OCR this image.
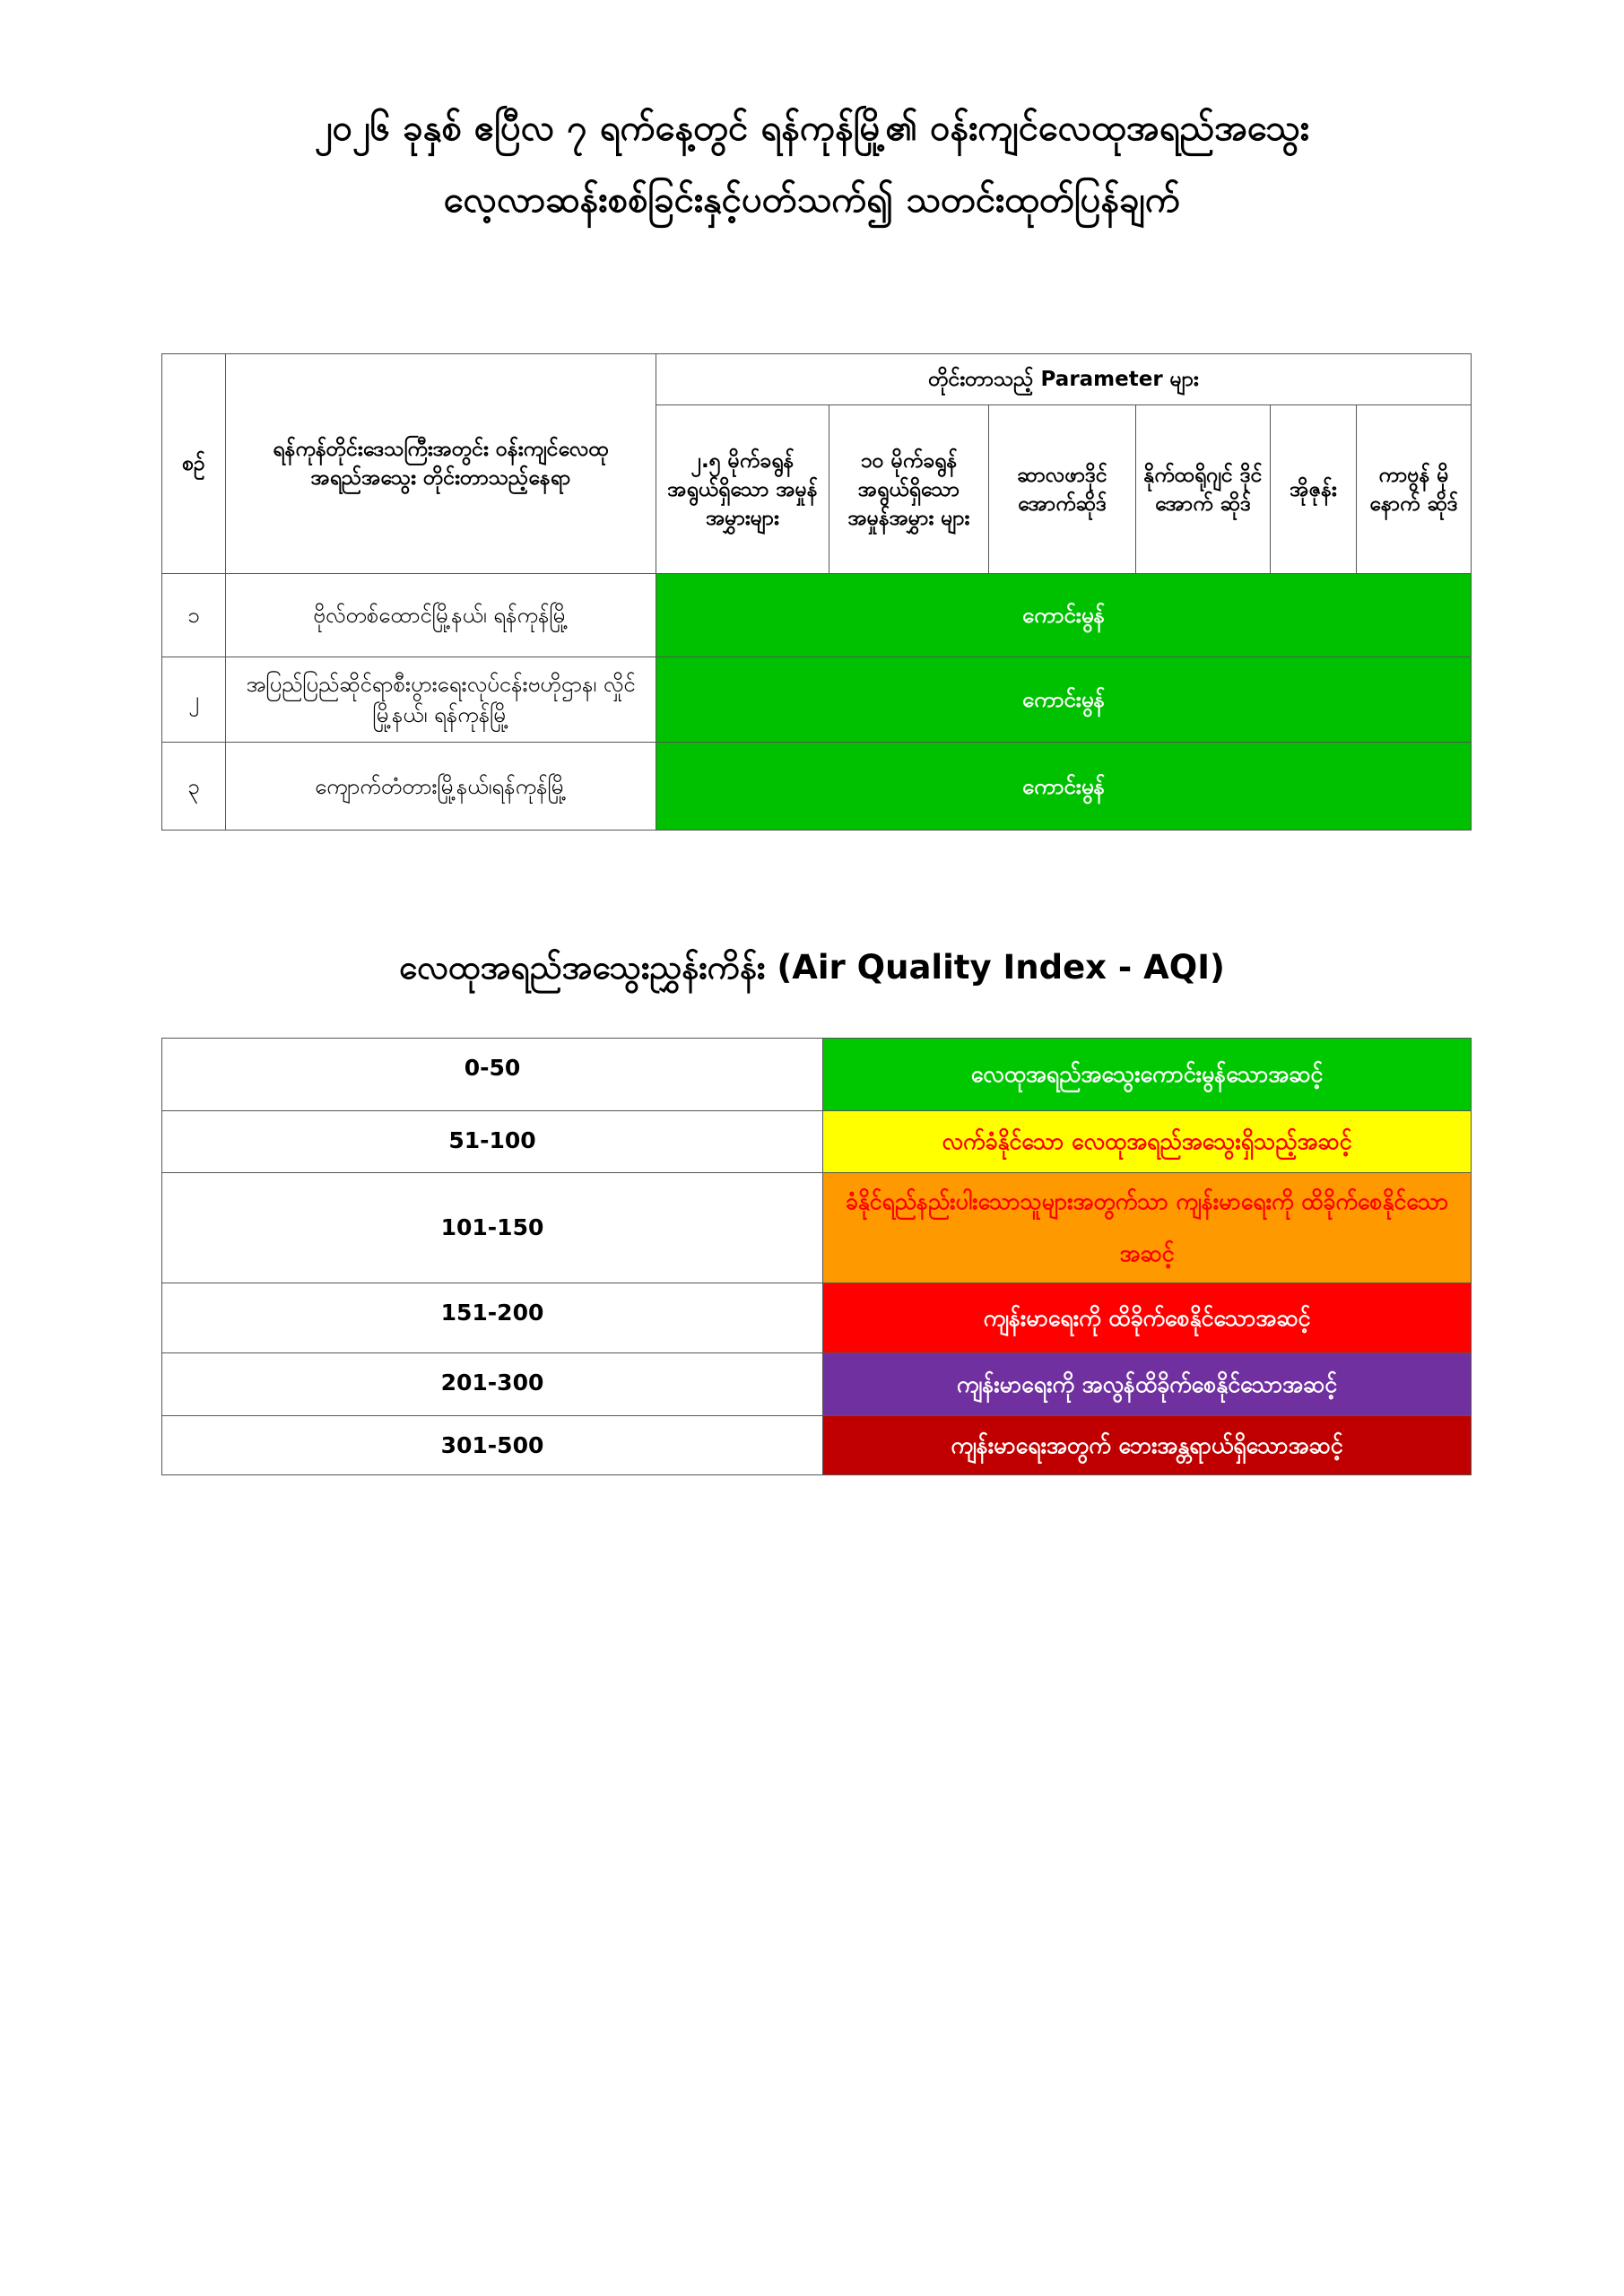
၂၀၂၆ ခုနှစ် ဧပြီလ ၇ ရက်နေ့တွင် ရန်ကုန်မြို့၏ ဝန်းကျင်လေထုအရည်အသွေး
လေ့လာဆန်းစစ်ခြင်းနှင့်ပတ်သက်၍ သတင်းထုတ်ပြန်ချက်
စဥ်	ရန်ကုန်တိုင်းဒေသကြီးအတွင်း ဝန်းကျင်လေထု အရည်အသွေး တိုင်းတာသည့်နေရာ	တိုင်းတာသည့် Parameter များ					
		၂.၅ မိုက်ခရွန် အရွယ်ရှိသော အမှုန်အမွှားများ	၁၀ မိုက်ခရွန် အရွယ်ရှိသော အမှုန်အမွှား များ	ဆာလဖာဒိုင် အောက်ဆိုဒ်	နိုက်ထရိုဂျင် ဒိုင်အောက် ဆိုဒ်	အိုဇုန်း	ကာဗွန် မိုနောက် ဆိုဒ်
၁	ဗိုလ်တစ်ထောင်မြို့နယ်၊ ရန်ကုန်မြို့	ကောင်းမွန်					
၂	အပြည်ပြည်ဆိုင်ရာစီးပွားရေးလုပ်ငန်းဗဟိုဌာန၊ လှိုင်မြို့နယ်၊ ရန်ကုန်မြို့	ကောင်းမွန်					
၃	ကျောက်တံတားမြို့နယ်၊ရန်ကုန်မြို့	ကောင်းမွန်					
လေထုအရည်အသွေးညွှန်းကိန်း (Air Quality Index - AQI)
0-50	လေထုအရည်အသွေးကောင်းမွန်သောအဆင့်
51-100	လက်ခံနိုင်သော လေထုအရည်အသွေးရှိသည့်အဆင့်
101-150	ခံနိုင်ရည်နည်းပါးသောသူများအတွက်သာ ကျန်းမာရေးကို ထိခိုက်စေနိုင်သောအဆင့်
151-200	ကျန်းမာရေးကို ထိခိုက်စေနိုင်သောအဆင့်
201-300	ကျန်းမာရေးကို အလွန်ထိခိုက်စေနိုင်သောအဆင့်
301-500	ကျန်းမာရေးအတွက် ဘေးအန္တရာယ်ရှိသောအဆင့်
